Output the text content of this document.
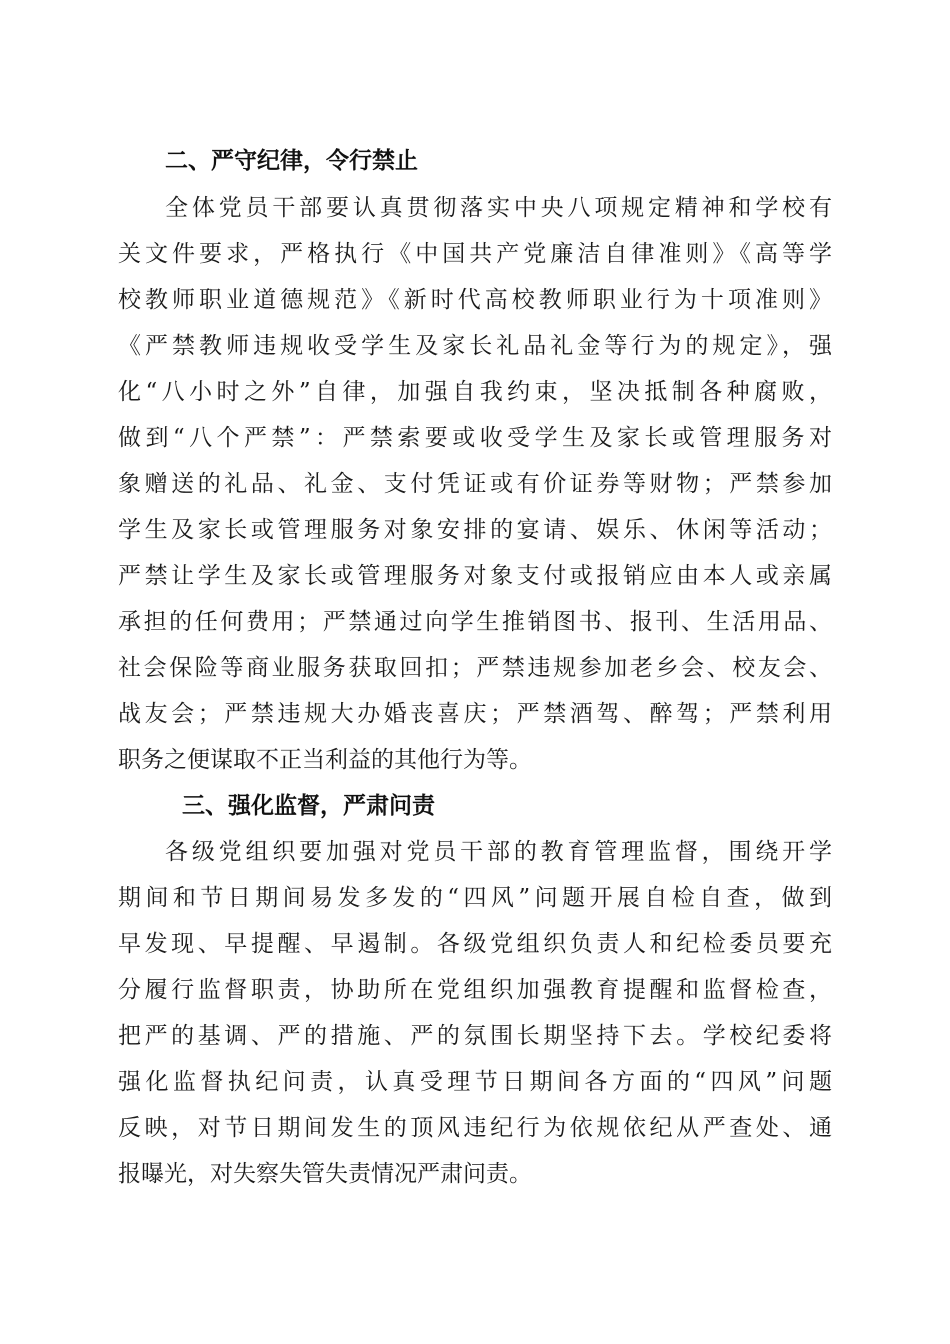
二、严守纪律，令行禁止
全体党员干部要认真贯彻落实中央八项规定精神和学校有
关文件要求，严格执行《中国共产党廉洁自律准则》《高等学
校教师职业道德规范》《新时代高校教师职业行为十项准则》
《严禁教师违规收受学生及家长礼品礼金等行为的规定》，强
化“八小时之外”自律，加强自我约束，坚决抵制各种腐败，
做到“八个严禁”：严禁索要或收受学生及家长或管理服务对
象赠送的礼品、礼金、支付凭证或有价证券等财物；严禁参加
学生及家长或管理服务对象安排的宴请、娱乐、休闲等活动；
严禁让学生及家长或管理服务对象支付或报销应由本人或亲属
承担的任何费用；严禁通过向学生推销图书、报刊、生活用品、
社会保险等商业服务获取回扣；严禁违规参加老乡会、校友会、
战友会；严禁违规大办婚丧喜庆；严禁酒驾、醉驾；严禁利用
职务之便谋取不正当利益的其他行为等。
三、强化监督，严肃问责
各级党组织要加强对党员干部的教育管理监督，围绕开学
期间和节日期间易发多发的“四风”问题开展自检自查，做到
早发现、早提醒、早遏制。各级党组织负责人和纪检委员要充
分履行监督职责，协助所在党组织加强教育提醒和监督检查，
把严的基调、严的措施、严的氛围长期坚持下去。学校纪委将
强化监督执纪问责，认真受理节日期间各方面的“四风”问题
反映，对节日期间发生的顶风违纪行为依规依纪从严查处、通
报曝光，对失察失管失责情况严肃问责。
